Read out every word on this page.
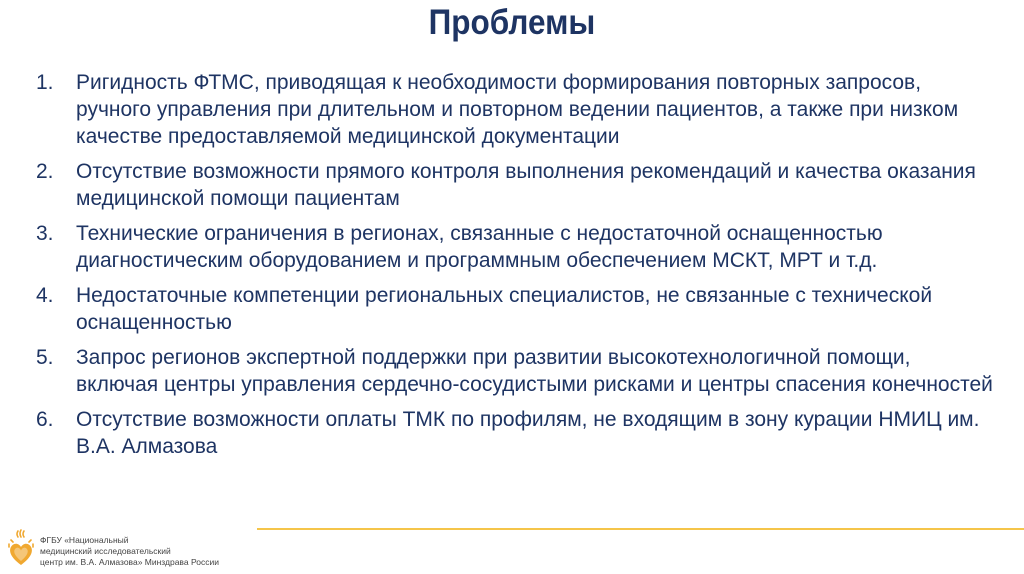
Проблемы
1.	Ригидность ФТМС, приводящая к необходимости формирования повторных запросов, ручного управления при длительном и повторном ведении пациентов, а также при низком качестве предоставляемой медицинской документации
2.	Отсутствие возможности прямого контроля выполнения рекомендаций и качества оказания медицинской помощи пациентам
3.	Технические ограничения в регионах, связанные с недостаточной оснащенностью диагностическим оборудованием и программным обеспечением МСКТ, МРТ и т.д.
4.	Недостаточные компетенции региональных специалистов, не связанные с технической оснащенностью
5.	Запрос регионов экспертной поддержки при развитии высокотехнологичной помощи, включая центры управления сердечно-сосудистыми рисками и центры спасения конечностей
6.	Отсутствие возможности оплаты ТМК по профилям, не входящим в зону курации НМИЦ им. В.А. Алмазова
ФГБУ «Национальный
медицинский исследовательский
центр им. В.А. Алмазова» Минздрава России
